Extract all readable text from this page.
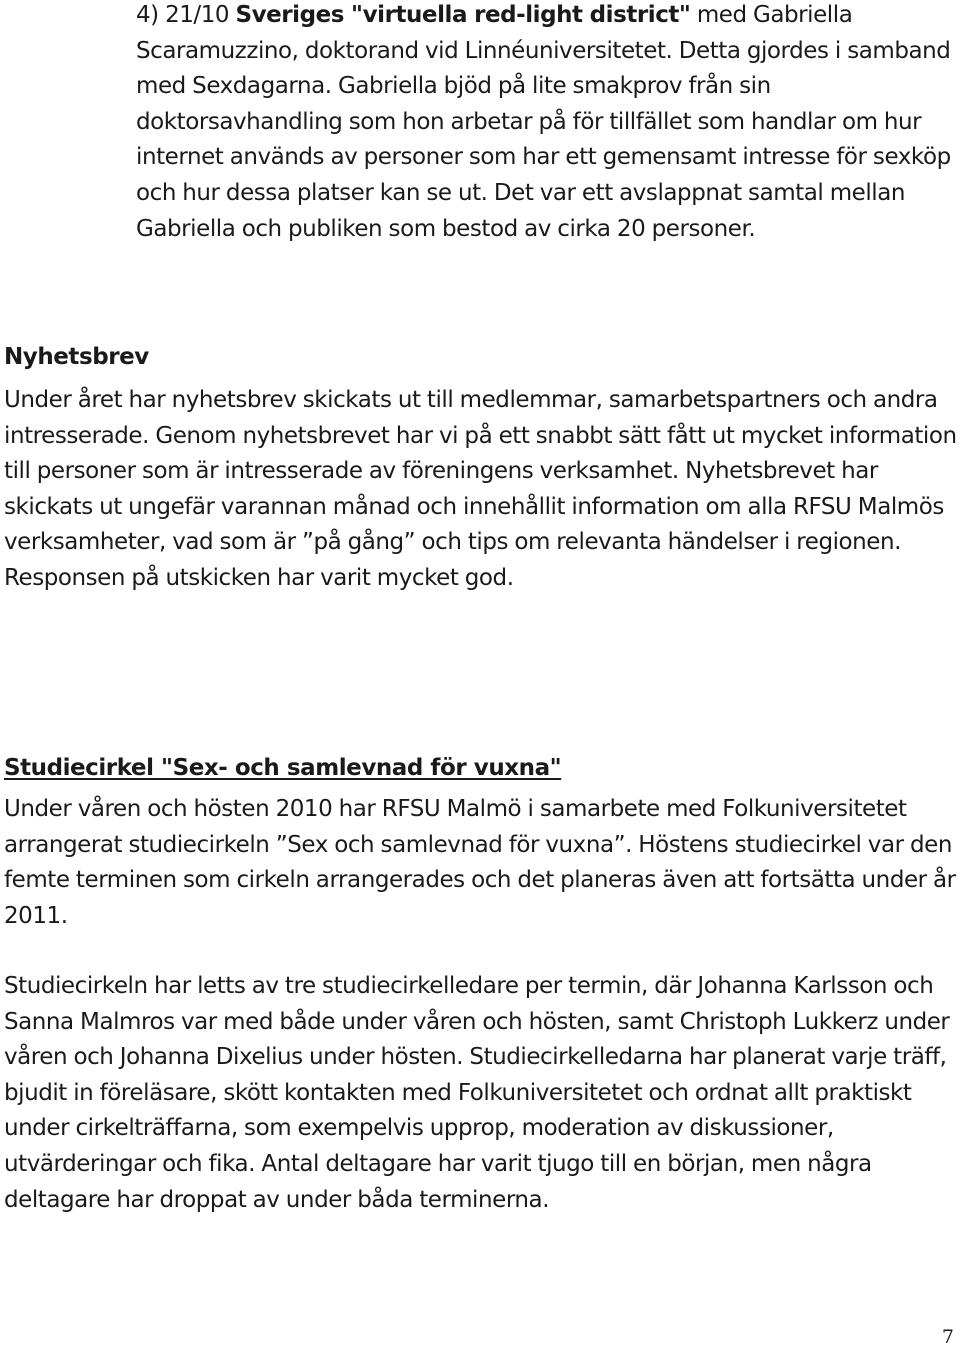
4) 21/10 Sveriges "virtuella red-light district" med Gabriella Scaramuzzino, doktorand vid Linnéuniversitetet. Detta gjordes i samband med Sexdagarna. Gabriella bjöd på lite smakprov från sin doktorsavhandling som hon arbetar på för tillfället som handlar om hur internet används av personer som har ett gemensamt intresse för sexköp och hur dessa platser kan se ut. Det var ett avslappnat samtal mellan Gabriella och publiken som bestod av cirka 20 personer.

Nyhetsbrev

Under året har nyhetsbrev skickats ut till medlemmar, samarbetspartners och andra intresserade. Genom nyhetsbrevet har vi på ett snabbt sätt fått ut mycket information till personer som är intresserade av föreningens verksamhet. Nyhetsbrevet har skickats ut ungefär varannan månad och innehållit information om alla RFSU Malmös verksamheter, vad som är ”på gång” och tips om relevanta händelser i regionen. Responsen på utskicken har varit mycket god.

Studiecirkel "Sex- och samlevnad för vuxna"

Under våren och hösten 2010 har RFSU Malmö i samarbete med Folkuniversitetet arrangerat studiecirkeln ”Sex och samlevnad för vuxna”. Höstens studiecirkel var den femte terminen som cirkeln arrangerades och det planeras även att fortsätta under år 2011.

Studiecirkeln har letts av tre studiecirkelledare per termin, där Johanna Karlsson och Sanna Malmros var med både under våren och hösten, samt Christoph Lukkerz under våren och Johanna Dixelius under hösten. Studiecirkelledarna har planerat varje träff, bjudit in föreläsare, skött kontakten med Folkuniversitetet och ordnat allt praktiskt under cirkelträffarna, som exempelvis upprop, moderation av diskussioner, utvärderingar och fika. Antal deltagare har varit tjugo till en början, men några deltagare har droppat av under båda terminerna.

7
